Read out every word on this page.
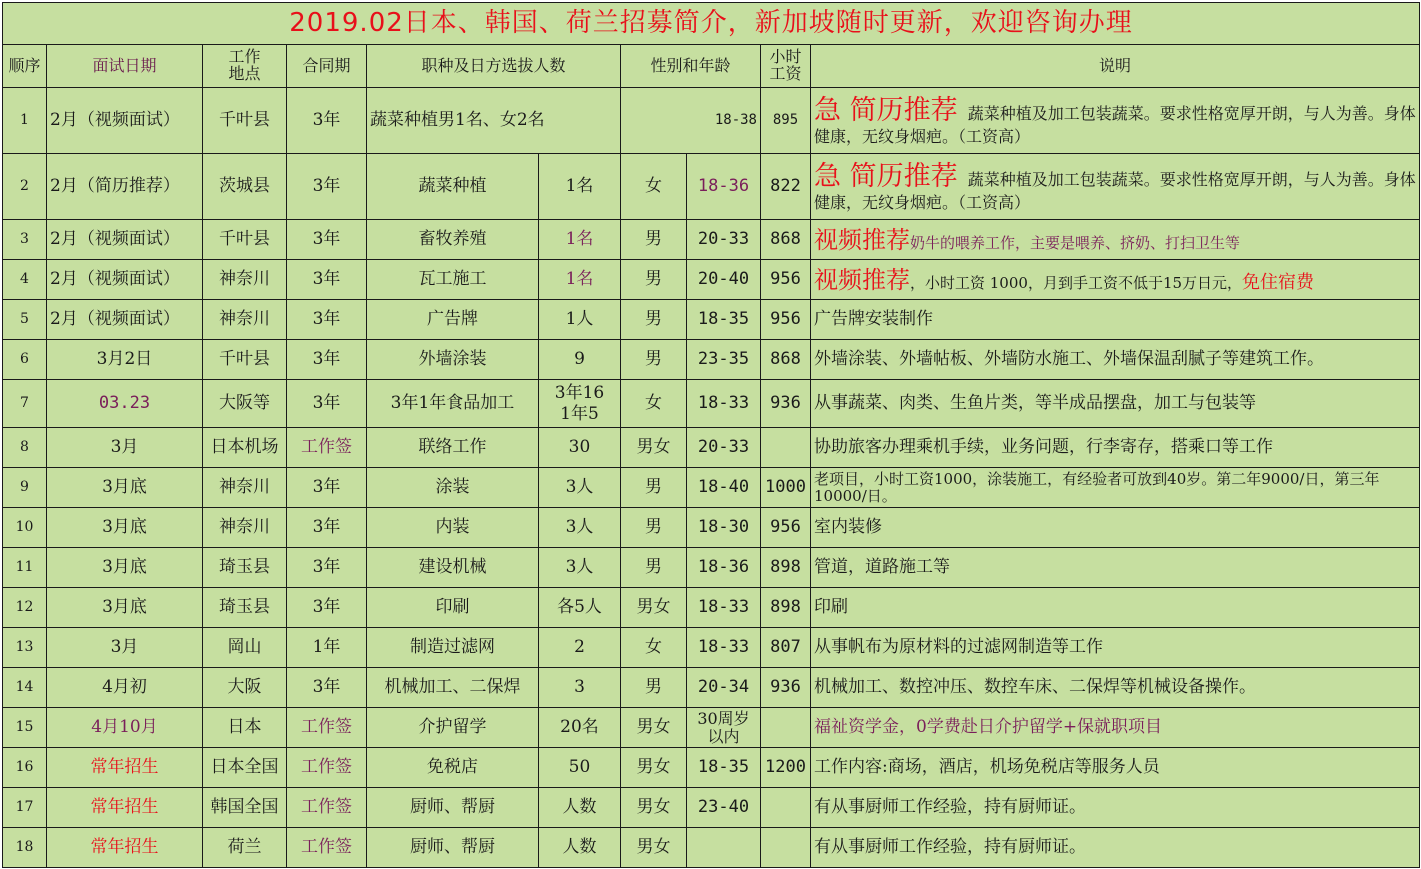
2019.02日本、韩国、荷兰招募简介，新加坡随时更新，欢迎咨询办理									
顺序	面试日期	工作
地点	合同期	职种及日方选拔人数		性别和年龄		小时
工资	说明
1	2月（视频面试）	千叶县	3年	蔬菜种植男1名、女2名		18-38		895	急 简历推荐 蔬菜种植及加工包装蔬菜。要求性格宽厚开朗，与人为善。身体健康，无纹身烟疤。（工资高）
2	2月（简历推荐）	茨城县	3年	蔬菜种植	1名	女	18-36	822	急 简历推荐 蔬菜种植及加工包装蔬菜。要求性格宽厚开朗，与人为善。身体健康，无纹身烟疤。（工资高）
3	2月（视频面试）	千叶县	3年	畜牧养殖	1名	男	20-33	868	视频推荐奶牛的喂养工作，主要是喂养、挤奶、打扫卫生等
4	2月（视频面试）	神奈川	3年	瓦工施工	1名	男	20-40	956	视频推荐，小时工资 1000，月到手工资不低于15万日元，免住宿费
5	2月（视频面试）	神奈川	3年	广告牌	1人	男	18-35	956	广告牌安装制作
6	3月2日	千叶县	3年	外墙涂装	9	男	23-35	868	外墙涂装、外墙帖板、外墙防水施工、外墙保温刮腻子等建筑工作。
7	03.23	大阪等	3年	3年1年食品加工	3年16
1年5	女	18-33	936	从事蔬菜、肉类、生鱼片类，等半成品摆盘，加工与包装等
8	3月	日本机场	工作签	联络工作	30	男女	20-33		协助旅客办理乘机手续，业务问题，行李寄存，搭乘口等工作
9	3月底	神奈川	3年	涂装	3人	男	18-40	1000	老项目，小时工资1000，涂装施工，有经验者可放到40岁。第二年9000/日，第三年10000/日。
10	3月底	神奈川	3年	内装	3人	男	18-30	956	室内装修
11	3月底	琦玉县	3年	建设机械	3人	男	18-36	898	管道，道路施工等
12	3月底	琦玉县	3年	印刷	各5人	男女	18-33	898	印刷
13	3月	岡山	1年	制造过滤网	2	女	18-33	807	从事帆布为原材料的过滤网制造等工作
14	4月初	大阪	3年	机械加工、二保焊	3	男	20-34	936	机械加工、数控冲压、数控车床、二保焊等机械设备操作。
15	4月10月	日本	工作签	介护留学	20名	男女	30周岁以内		福祉资学金，0学费赴日介护留学+保就职项目
16	常年招生	日本全国	工作签	免税店	50	男女	18-35	1200	工作内容:商场，酒店，机场免税店等服务人员
17	常年招生	韩国全国	工作签	厨师、帮厨	人数	男女	23-40		有从事厨师工作经验，持有厨师证。
18	常年招生	荷兰	工作签	厨师、帮厨	人数	男女			有从事厨师工作经验，持有厨师证。
